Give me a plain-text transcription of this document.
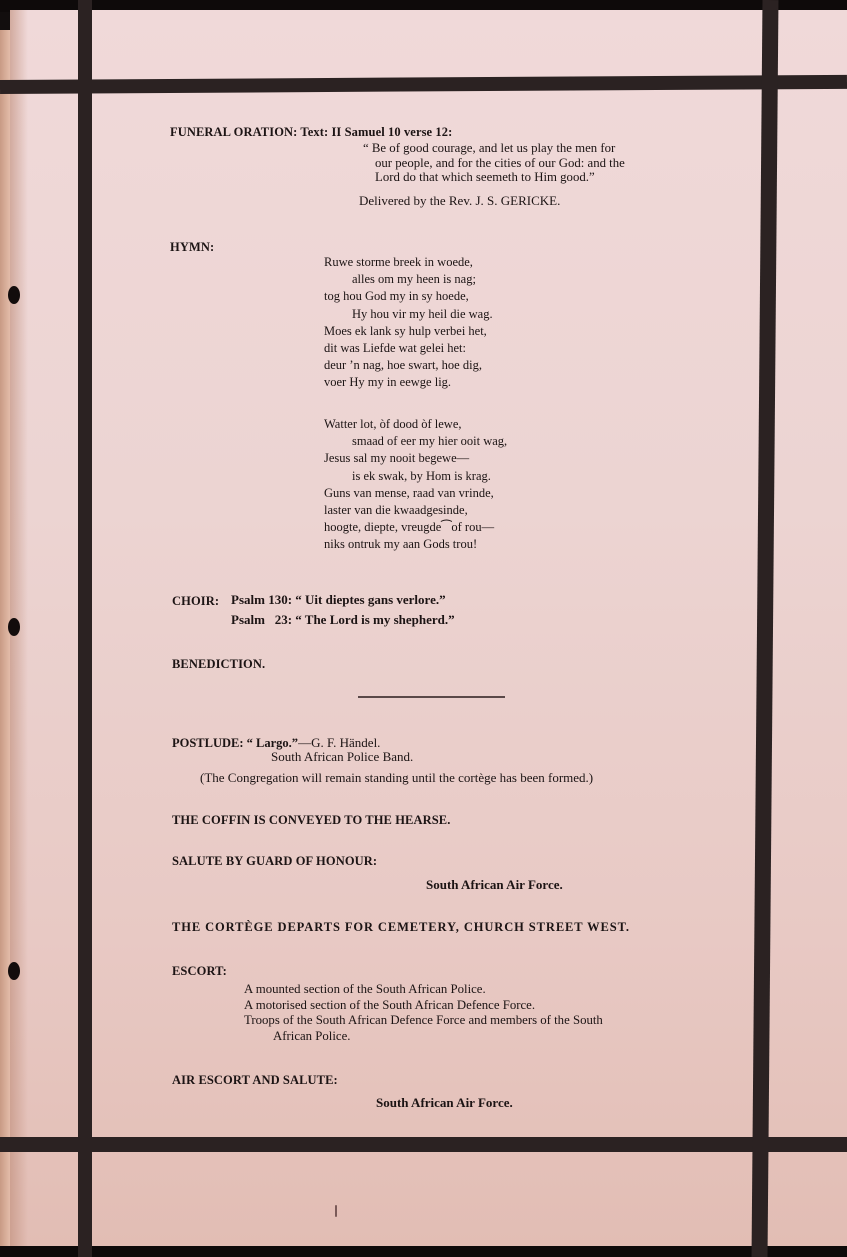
FUNERAL ORATION: Text: II Samuel 10 verse 12:
“ Be of good courage, and let us play the men for
our people, and for the cities of our God: and the
Lord do that which seemeth to Him good.”
Delivered by the Rev. J. S. GERICKE.
HYMN:
Ruwe storme breek in woede,
alles om my heen is nag;
tog hou God my in sy hoede,
Hy hou vir my heil die wag.
Moes ek lank sy hulp verbei het,
dit was Liefde wat gelei het:
deur ’n nag, hoe swart, hoe dig,
voer Hy my in eewge lig.
Watter lot, òf dood òf lewe,
smaad of eer my hier ooit wag,
Jesus sal my nooit begewe—
is ek swak, by Hom is krag.
Guns van mense, raad van vrinde,
laster van die kwaadgesinde,
hoogte, diepte, vreugde⁀of rou—
niks ontruk my aan Gods trou!
CHOIR: Psalm 130: “ Uit dieptes gans verlore.”
Psalm   23: “ The Lord is my shepherd.”
BENEDICTION.
POSTLUDE: “ Largo.”—G. F. Händel.
South African Police Band.
(The Congregation will remain standing until the cortège has been formed.)
THE COFFIN IS CONVEYED TO THE HEARSE.
SALUTE BY GUARD OF HONOUR:
South African Air Force.
THE CORTÈGE DEPARTS FOR CEMETERY, CHURCH STREET WEST.
ESCORT:
A mounted section of the South African Police.
A motorised section of the South African Defence Force.
Troops of the South African Defence Force and members of the South
African Police.
AIR ESCORT AND SALUTE:
South African Air Force.
